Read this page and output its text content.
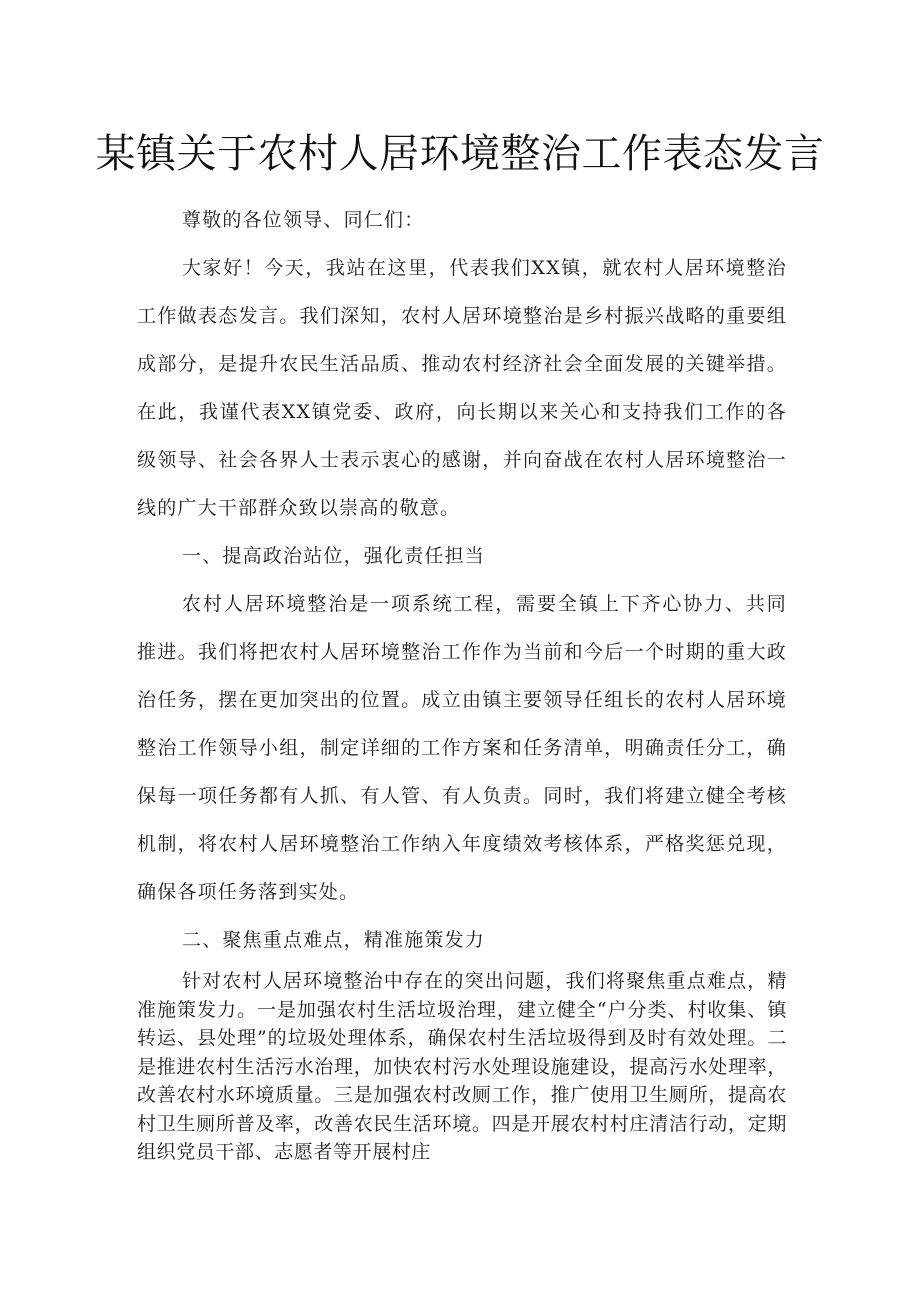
某镇关于农村人居环境整治工作表态发言

尊敬的各位领导、同仁们：

大家好！今天，我站在这里，代表我们XX镇，就农村人居环境整治工作做表态发言。我们深知，农村人居环境整治是乡村振兴战略的重要组成部分，是提升农民生活品质、推动农村经济社会全面发展的关键举措。在此，我谨代表XX镇党委、政府，向长期以来关心和支持我们工作的各级领导、社会各界人士表示衷心的感谢，并向奋战在农村人居环境整治一线的广大干部群众致以崇高的敬意。

一、提高政治站位，强化责任担当

农村人居环境整治是一项系统工程，需要全镇上下齐心协力、共同推进。我们将把农村人居环境整治工作作为当前和今后一个时期的重大政治任务，摆在更加突出的位置。成立由镇主要领导任组长的农村人居环境整治工作领导小组，制定详细的工作方案和任务清单，明确责任分工，确保每一项任务都有人抓、有人管、有人负责。同时，我们将建立健全考核机制，将农村人居环境整治工作纳入年度绩效考核体系，严格奖惩兑现，确保各项任务落到实处。

二、聚焦重点难点，精准施策发力

针对农村人居环境整治中存在的突出问题，我们将聚焦重点难点，精准施策发力。一是加强农村生活垃圾治理，建立健全“户分类、村收集、镇转运、县处理”的垃圾处理体系，确保农村生活垃圾得到及时有效处理。二是推进农村生活污水治理，加快农村污水处理设施建设，提高污水处理率，改善农村水环境质量。三是加强农村改厕工作，推广使用卫生厕所，提高农村卫生厕所普及率，改善农民生活环境。四是开展农村村庄清洁行动，定期组织党员干部、志愿者等开展村庄
